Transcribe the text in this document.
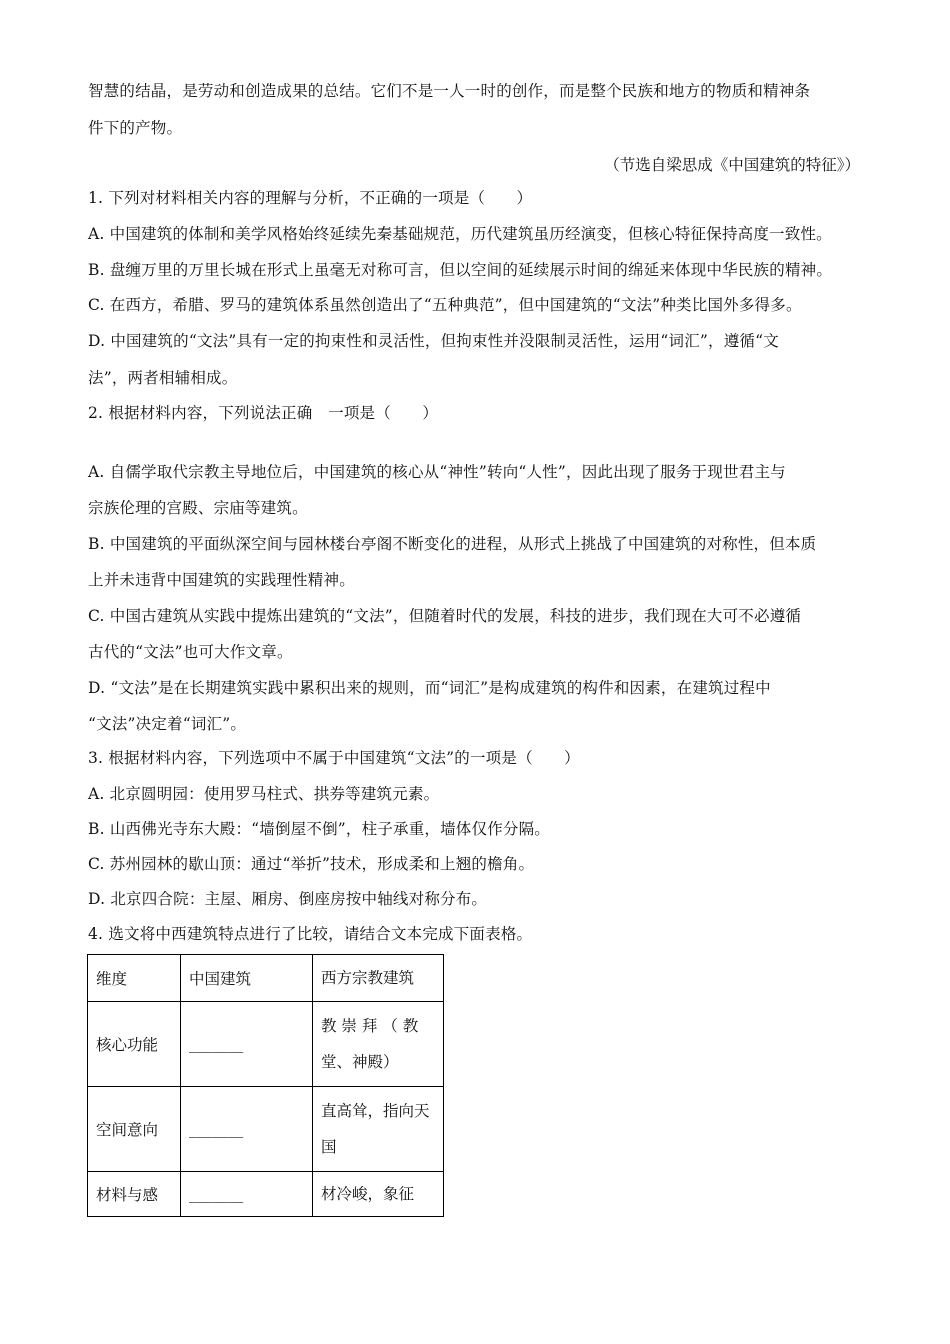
智慧的结晶，是劳动和创造成果的总结。它们不是一人一时的创作，而是整个民族和地方的物质和精神条
件下的产物。
（节选自梁思成《中国建筑的特征》）
1. 下列对材料相关内容的理解与分析，不正确的一项是（　　）
A. 中国建筑的体制和美学风格始终延续先秦基础规范，历代建筑虽历经演变，但核心特征保持高度一致性。
B. 盘缠万里的万里长城在形式上虽毫无对称可言，但以空间的延续展示时间的绵延来体现中华民族的精神。
C. 在西方，希腊、罗马的建筑体系虽然创造出了“五种典范”，但中国建筑的“文法”种类比国外多得多。
D. 中国建筑的“文法”具有一定的拘束性和灵活性，但拘束性并没限制灵活性，运用“词汇”，遵循“文
法”，两者相辅相成。
2. 根据材料内容，下列说法正确　一项是（　　）
A. 自儒学取代宗教主导地位后，中国建筑的核心从“神性”转向“人性”，因此出现了服务于现世君主与
宗族伦理的宫殿、宗庙等建筑。
B. 中国建筑的平面纵深空间与园林楼台亭阁不断变化的进程，从形式上挑战了中国建筑的对称性，但本质
上并未违背中国建筑的实践理性精神。
C. 中国古建筑从实践中提炼出建筑的“文法”，但随着时代的发展，科技的进步，我们现在大可不必遵循
古代的“文法”也可大作文章。
D. “文法”是在长期建筑实践中累积出来的规则，而“词汇”是构成建筑的构件和因素，在建筑过程中
“文法”决定着“词汇”。
3. 根据材料内容，下列选项中不属于中国建筑“文法”的一项是（　　）
A. 北京圆明园：使用罗马柱式、拱券等建筑元素。
B. 山西佛光寺东大殿：“墙倒屋不倒”，柱子承重，墙体仅作分隔。
C. 苏州园林的歇山顶：通过“举折”技术，形成柔和上翘的檐角。
D. 北京四合院：主屋、厢房、倒座房按中轴线对称分布。
4. 选文将中西建筑特点进行了比较，请结合文本完成下面表格。
维度	中国建筑	西方宗教建筑
核心功能	_______	教 崇 拜 （ 教 堂、神殿）
空间意向	_______	直高耸，指向天国
材料与感	_______	材冷峻，象征
